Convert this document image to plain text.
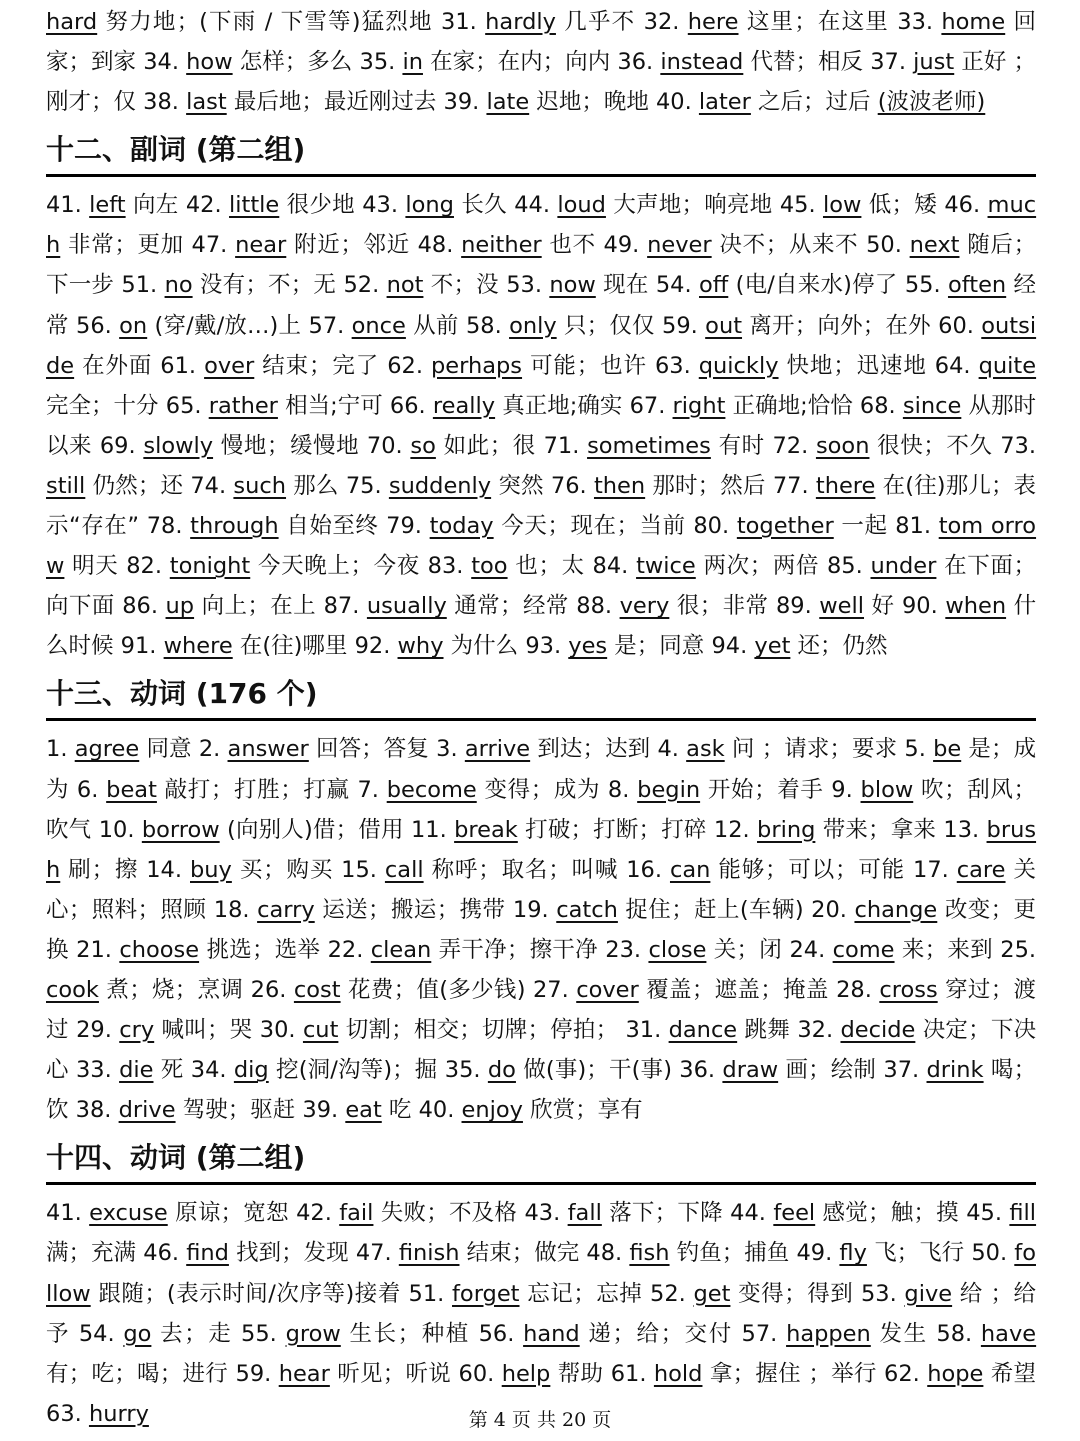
hard 努力地；(下雨 / 下雪等)猛烈地 31. hardly 几乎不 32. here 这里；在这里 33. home 回家；到家 34. how 怎样；多么 35. in 在家；在内；向内 36. instead 代替；相反 37. just 正好 ；刚才；仅 38. last 最后地；最近刚过去 39. late 迟地；晚地 40. later 之后；过后 (波波老师)
十二、副词 (第二组)
41. left 向左 42. little 很少地 43. long 长久 44. loud 大声地；响亮地 45. low 低；矮 46. much 非常；更加 47. near 附近；邻近 48. neither 也不 49. never 决不；从来不 50. next 随后；下一步 51. no 没有；不；无 52. not 不；没 53. now 现在 54. off (电/自来水)停了 55. often 经常 56. on (穿/戴/放…)上 57. once 从前 58. only 只；仅仅 59. out 离开；向外；在外 60. outside 在外面 61. over 结束；完了 62. perhaps 可能；也许 63. quickly 快地；迅速地 64. quite 完全；十分 65. rather 相当;宁可 66. really 真正地;确实 67. right 正确地;恰恰 68. since 从那时以来 69. slowly 慢地；缓慢地 70. so 如此；很 71. sometimes 有时 72. soon 很快；不久 73. still 仍然；还 74. such 那么 75. suddenly 突然 76. then 那时；然后 77. there 在(往)那儿；表示“存在” 78. through 自始至终 79. today 今天；现在；当前 80. together 一起 81. tom orrow 明天 82. tonight 今天晚上；今夜 83. too 也；太 84. twice 两次；两倍 85. under 在下面；向下面 86. up 向上；在上 87. usually 通常；经常 88. very 很；非常 89. well 好 90. when 什么时候 91. where 在(往)哪里 92. why 为什么 93. yes 是；同意 94. yet 还；仍然
十三、动词 (176 个)
1. agree 同意 2. answer 回答；答复 3. arrive 到达；达到 4. ask 问 ；请求；要求 5. be 是；成为 6. beat 敲打；打胜；打赢 7. become 变得；成为 8. begin 开始；着手 9. blow 吹；刮风；吹气 10. borrow (向别人)借；借用 11. break 打破；打断；打碎 12. bring 带来；拿来 13. brush 刷；擦 14. buy 买；购买 15. call 称呼；取名；叫喊 16. can 能够；可以；可能 17. care 关心；照料；照顾 18. carry 运送；搬运；携带 19. catch 捉住；赶上(车辆) 20. change 改变；更换 21. choose 挑选；选举 22. clean 弄干净；擦干净 23. close 关；闭 24. come 来；来到 25. cook 煮；烧；烹调 26. cost 花费；值(多少钱) 27. cover 覆盖；遮盖；掩盖 28. cross 穿过；渡过 29. cry 喊叫；哭 30. cut 切割；相交；切牌；停拍； 31. dance 跳舞 32. decide 决定；下决心 33. die 死 34. dig 挖(洞/沟等)；掘 35. do 做(事)；干(事) 36. draw 画；绘制 37. drink 喝；饮 38. drive 驾驶；驱赶 39. eat 吃 40. enjoy 欣赏；享有
十四、动词 (第二组)
41. excuse 原谅；宽恕 42. fail 失败；不及格 43. fall 落下；下降 44. feel 感觉；触；摸 45. fill 满；充满 46. find 找到；发现 47. finish 结束；做完 48. fish 钓鱼；捕鱼 49. fly 飞；飞行 50. follow 跟随；(表示时间/次序等)接着 51. forget 忘记；忘掉 52. get 变得；得到 53. give 给 ；给予 54. go 去；走 55. grow 生长；种植 56. hand 递；给；交付 57. happen 发生 58. have 有；吃；喝；进行 59. hear 听见；听说 60. help 帮助 61. hold 拿；握住 ；举行 62. hope 希望 63. hurry	第 4 页 共 20 页
